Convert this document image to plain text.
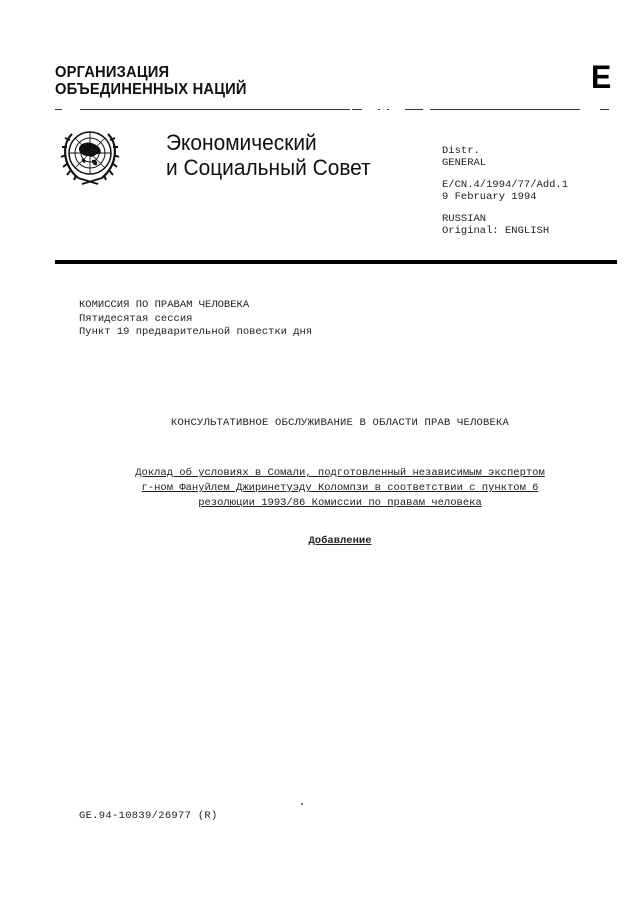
ОРГАНИЗАЦИЯ
ОБЪЕДИНЕННЫХ НАЦИЙ	E
Экономический
и Социальный Совет
Distr.
GENERAL
E/CN.4/1994/77/Add.1
9 February 1994
RUSSIAN
Original: ENGLISH
КОМИССИЯ ПО ПРАВАМ ЧЕЛОВЕКА
Пятидесятая сессия
Пункт 19 предварительной повестки дня
КОНСУЛЬТАТИВНОЕ ОБСЛУЖИВАНИЕ В ОБЛАСТИ ПРАВ ЧЕЛОВЕКА
Доклад об условиях в Сомали, подготовленный независимым экспертом
г-ном Фануйлем Джиринетуэду Коломпзи в соответствии с пунктом 6
резолюции 1993/86 Комиссии по правам человека
Добавление
GE.94-10839/26977 (R)
